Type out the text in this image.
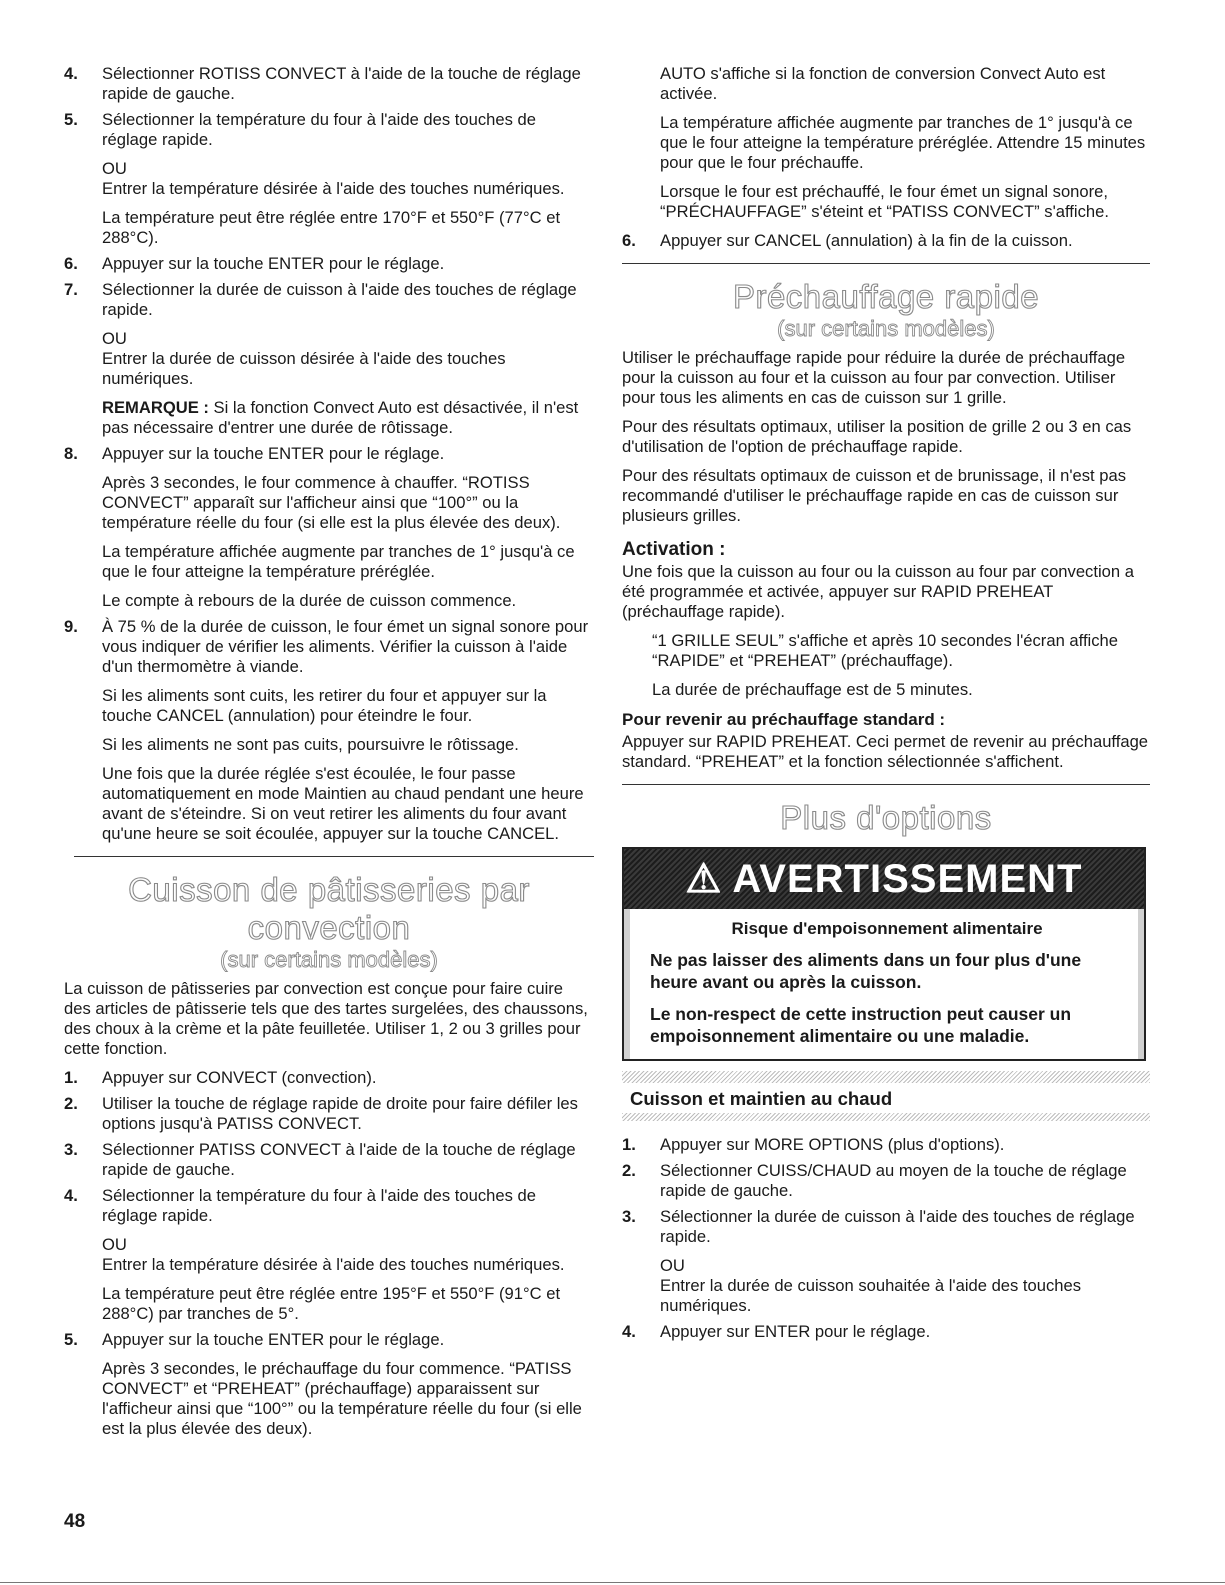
4.	Sélectionner ROTISS CONVECT à l'aide de la touche de réglage rapide de gauche.
5.	Sélectionner la température du four à l'aide des touches de réglage rapide.
OU
Entrer la température désirée à l'aide des touches numériques.
La température peut être réglée entre 170°F et 550°F (77°C et 288°C).
6.	Appuyer sur la touche ENTER pour le réglage.
7.	Sélectionner la durée de cuisson à l'aide des touches de réglage rapide.
OU
Entrer la durée de cuisson désirée à l'aide des touches numériques.
REMARQUE : Si la fonction Convect Auto est désactivée, il n'est pas nécessaire d'entrer une durée de rôtissage.
8.	Appuyer sur la touche ENTER pour le réglage.
Après 3 secondes, le four commence à chauffer. “ROTISS CONVECT” apparaît sur l'afficheur ainsi que “100°” ou la température réelle du four (si elle est la plus élevée des deux).
La température affichée augmente par tranches de 1° jusqu'à ce que le four atteigne la température préréglée.
Le compte à rebours de la durée de cuisson commence.
9.	À 75 % de la durée de cuisson, le four émet un signal sonore pour vous indiquer de vérifier les aliments. Vérifier la cuisson à l'aide d'un thermomètre à viande.
Si les aliments sont cuits, les retirer du four et appuyer sur la touche CANCEL (annulation) pour éteindre le four.
Si les aliments ne sont pas cuits, poursuivre le rôtissage.
Une fois que la durée réglée s'est écoulée, le four passe automatiquement en mode Maintien au chaud pendant une heure avant de s'éteindre. Si on veut retirer les aliments du four avant qu'une heure se soit écoulée, appuyer sur la touche CANCEL.
Cuisson de pâtisseries par convection
(sur certains modèles)

La cuisson de pâtisseries par convection est conçue pour faire cuire des articles de pâtisserie tels que des tartes surgelées, des chaussons, des choux à la crème et la pâte feuilletée. Utiliser 1, 2 ou 3 grilles pour cette fonction.

1.	Appuyer sur CONVECT (convection).
2.	Utiliser la touche de réglage rapide de droite pour faire défiler les options jusqu'à PATISS CONVECT.
3.	Sélectionner PATISS CONVECT à l'aide de la touche de réglage rapide de gauche.
4.	Sélectionner la température du four à l'aide des touches de réglage rapide.
OU
Entrer la température désirée à l'aide des touches numériques.
La température peut être réglée entre 195°F et 550°F (91°C et 288°C) par tranches de 5°.
5.	Appuyer sur la touche ENTER pour le réglage.
Après 3 secondes, le préchauffage du four commence. “PATISS CONVECT” et “PREHEAT” (préchauffage) apparaissent sur l'afficheur ainsi que “100°” ou la température réelle du four (si elle est la plus élevée des deux).

AUTO s'affiche si la fonction de conversion Convect Auto est activée.

La température affichée augmente par tranches de 1° jusqu'à ce que le four atteigne la température préréglée. Attendre 15 minutes pour que le four préchauffe.

Lorsque le four est préchauffé, le four émet un signal sonore, “PRÉCHAUFFAGE” s'éteint et “PATISS CONVECT” s'affiche.

6.	Appuyer sur CANCEL (annulation) à la fin de la cuisson.
Préchauffage rapide
(sur certains modèles)

Utiliser le préchauffage rapide pour réduire la durée de préchauffage pour la cuisson au four et la cuisson au four par convection. Utiliser pour tous les aliments en cas de cuisson sur 1 grille.

Pour des résultats optimaux, utiliser la position de grille 2 ou 3 en cas d'utilisation de l'option de préchauffage rapide.

Pour des résultats optimaux de cuisson et de brunissage, il n'est pas recommandé d'utiliser le préchauffage rapide en cas de cuisson sur plusieurs grilles.

Activation :

Une fois que la cuisson au four ou la cuisson au four par convection a été programmée et activée, appuyer sur RAPID PREHEAT (préchauffage rapide).

“1 GRILLE SEUL” s'affiche et après 10 secondes l'écran affiche “RAPIDE” et “PREHEAT” (préchauffage).

La durée de préchauffage est de 5 minutes.

Pour revenir au préchauffage standard :

Appuyer sur RAPID PREHEAT. Ceci permet de revenir au préchauffage standard. “PREHEAT” et la fonction sélectionnée s'affichent.

Plus d'options
⚠ AVERTISSEMENT
Risque d'empoisonnement alimentaire
Ne pas laisser des aliments dans un four plus d'une heure avant ou après la cuisson.
Le non-respect de cette instruction peut causer un empoisonnement alimentaire ou une maladie.
Cuisson et maintien au chaud
1.	Appuyer sur MORE OPTIONS (plus d'options).
2.	Sélectionner CUISS/CHAUD au moyen de la touche de réglage rapide de gauche.
3.	Sélectionner la durée de cuisson à l'aide des touches de réglage rapide.
OU
Entrer la durée de cuisson souhaitée à l'aide des touches numériques.
4.	Appuyer sur ENTER pour le réglage.
48
